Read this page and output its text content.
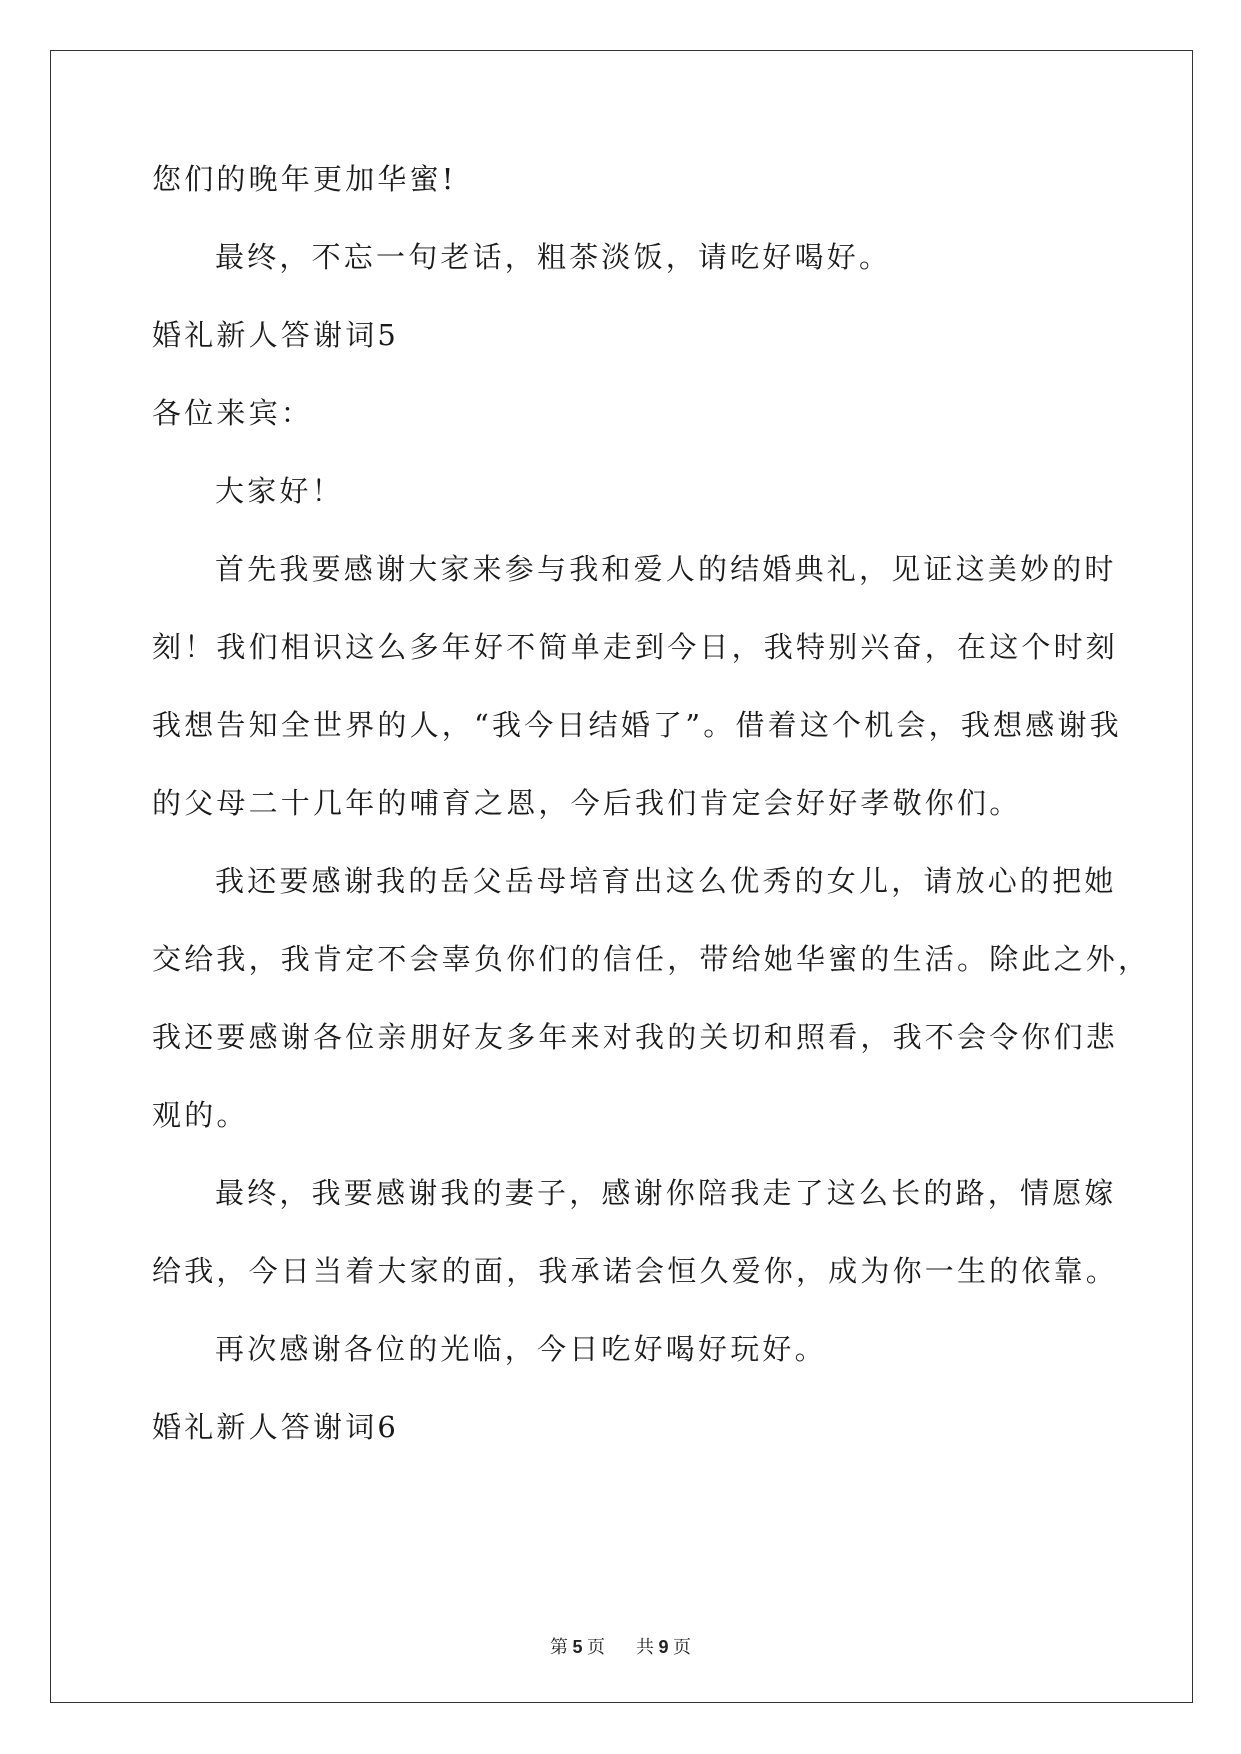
您们的晚年更加华蜜!

最终，不忘一句老话，粗茶淡饭，请吃好喝好。

婚礼新人答谢词5

各位来宾：

大家好！

首先我要感谢大家来参与我和爱人的结婚典礼，见证这美妙的时
刻！我们相识这么多年好不简单走到今日，我特别兴奋，在这个时刻
我想告知全世界的人，“我今日结婚了”。借着这个机会，我想感谢我
的父母二十几年的哺育之恩，今后我们肯定会好好孝敬你们。
我还要感谢我的岳父岳母培育出这么优秀的女儿，请放心的把她
交给我，我肯定不会辜负你们的信任，带给她华蜜的生活。除此之外，
我还要感谢各位亲朋好友多年来对我的关切和照看，我不会令你们悲
观的。
最终，我要感谢我的妻子，感谢你陪我走了这么长的路，情愿嫁
给我，今日当着大家的面，我承诺会恒久爱你，成为你一生的依靠。
再次感谢各位的光临，今日吃好喝好玩好。

婚礼新人答谢词6

第 5 页 共 9 页
